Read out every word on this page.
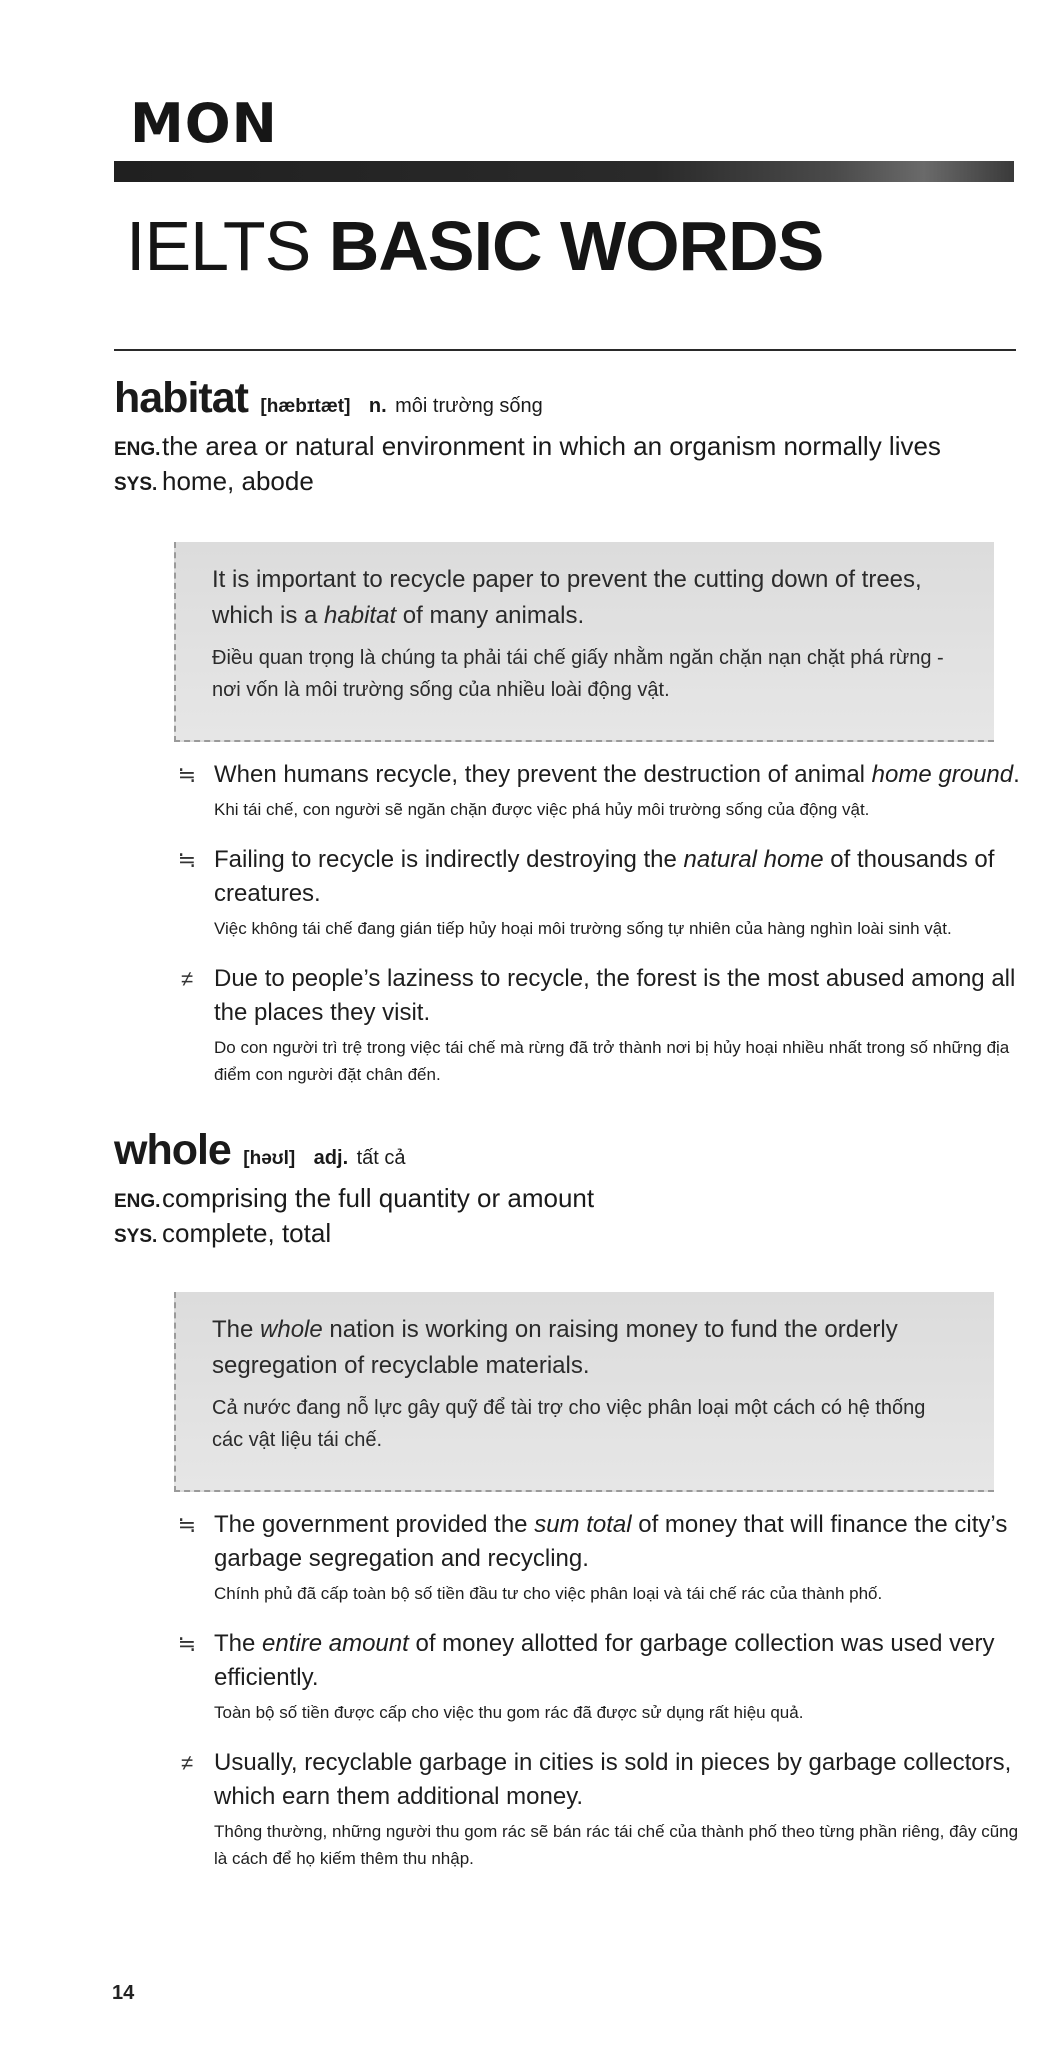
MON
IELTS BASIC WORDS
habitat [hæbɪtæt] n. môi trường sống
ENG.the area or natural environment in which an organism normally lives
SYS. home, abode
It is important to recycle paper to prevent the cutting down of trees, which is a habitat of many animals.
Điều quan trọng là chúng ta phải tái chế giấy nhằm ngăn chặn nạn chặt phá rừng - nơi vốn là môi trường sống của nhiều loài động vật.
≒ When humans recycle, they prevent the destruction of animal home ground.
Khi tái chế, con người sẽ ngăn chặn được việc phá hủy môi trường sống của động vật.
≒ Failing to recycle is indirectly destroying the natural home of thousands of creatures.
Việc không tái chế đang gián tiếp hủy hoại môi trường sống tự nhiên của hàng nghìn loài sinh vật.
≠ Due to people’s laziness to recycle, the forest is the most abused among all the places they visit.
Do con người trì trệ trong việc tái chế mà rừng đã trở thành nơi bị hủy hoại nhiều nhất trong số những địa điểm con người đặt chân đến.
whole [həʊl] adj. tất cả
ENG.comprising the full quantity or amount
SYS. complete, total
The whole nation is working on raising money to fund the orderly segregation of recyclable materials.
Cả nước đang nỗ lực gây quỹ để tài trợ cho việc phân loại một cách có hệ thống các vật liệu tái chế.
≒ The government provided the sum total of money that will finance the city’s garbage segregation and recycling.
Chính phủ đã cấp toàn bộ số tiền đầu tư cho việc phân loại và tái chế rác của thành phố.
≒ The entire amount of money allotted for garbage collection was used very efficiently.
Toàn bộ số tiền được cấp cho việc thu gom rác đã được sử dụng rất hiệu quả.
≠ Usually, recyclable garbage in cities is sold in pieces by garbage collectors, which earn them additional money.
Thông thường, những người thu gom rác sẽ bán rác tái chế của thành phố theo từng phần riêng, đây cũng là cách để họ kiếm thêm thu nhập.
14
